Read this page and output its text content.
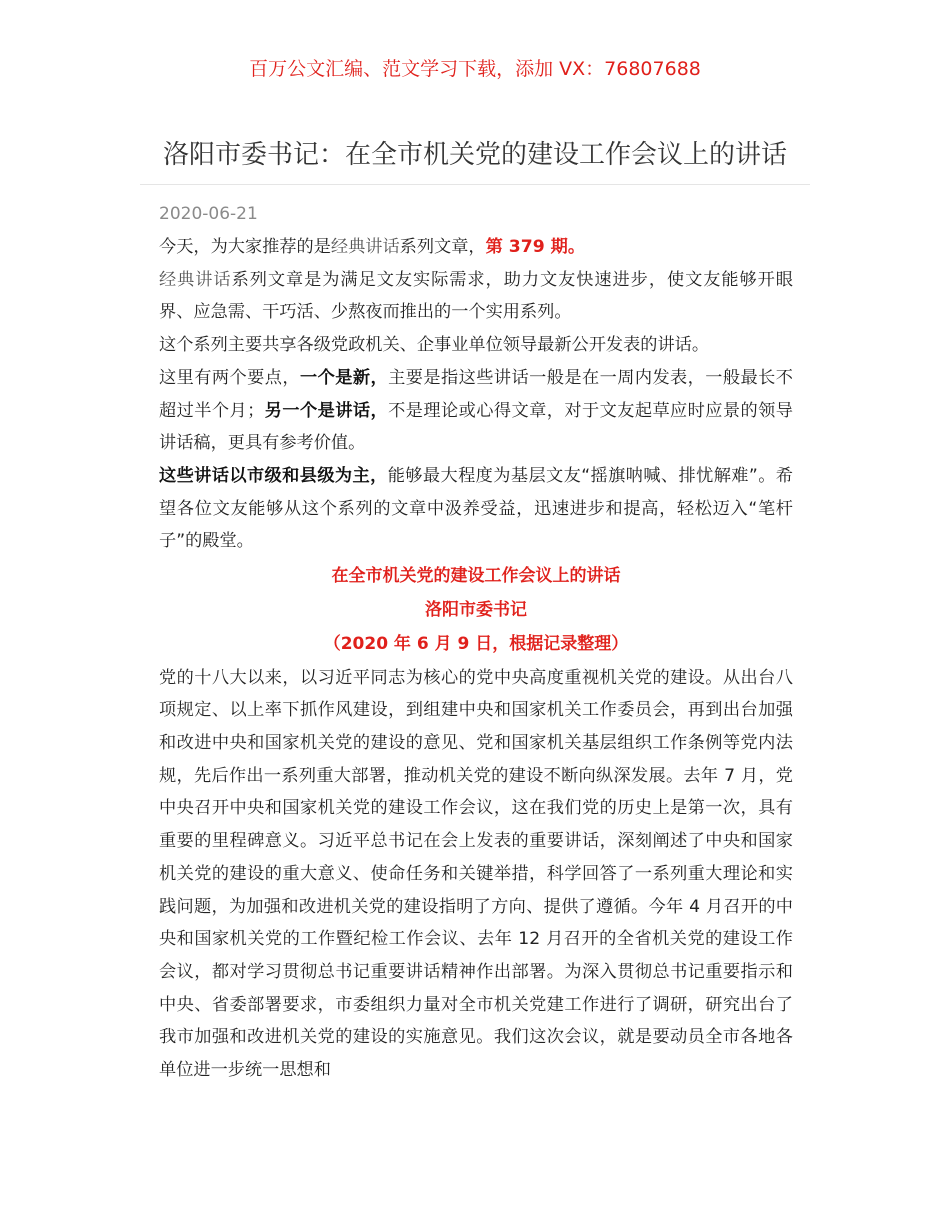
百万公文汇编、范文学习下载，添加 VX：76807688
洛阳市委书记：在全市机关党的建设工作会议上的讲话

2020-06-21

今天，为大家推荐的是经典讲话系列文章，第 379 期。

经典讲话系列文章是为满足文友实际需求，助力文友快速进步，使文友能够开眼界、应急需、干巧活、少熬夜而推出的一个实用系列。

这个系列主要共享各级党政机关、企事业单位领导最新公开发表的讲话。

这里有两个要点，一个是新，主要是指这些讲话一般是在一周内发表，一般最长不超过半个月；另一个是讲话，不是理论或心得文章，对于文友起草应时应景的领导讲话稿，更具有参考价值。

这些讲话以市级和县级为主，能够最大程度为基层文友“摇旗呐喊、排忧解难”。希望各位文友能够从这个系列的文章中汲养受益，迅速进步和提高，轻松迈入“笔杆子”的殿堂。

在全市机关党的建设工作会议上的讲话

洛阳市委书记

（2020 年 6 月 9 日，根据记录整理）

党的十八大以来，以习近平同志为核心的党中央高度重视机关党的建设。从出台八项规定、以上率下抓作风建设，到组建中央和国家机关工作委员会，再到出台加强和改进中央和国家机关党的建设的意见、党和国家机关基层组织工作条例等党内法规，先后作出一系列重大部署，推动机关党的建设不断向纵深发展。去年 7 月，党中央召开中央和国家机关党的建设工作会议，这在我们党的历史上是第一次，具有重要的里程碑意义。习近平总书记在会上发表的重要讲话，深刻阐述了中央和国家机关党的建设的重大意义、使命任务和关键举措，科学回答了一系列重大理论和实践问题，为加强和改进机关党的建设指明了方向、提供了遵循。今年 4 月召开的中央和国家机关党的工作暨纪检工作会议、去年 12 月召开的全省机关党的建设工作会议，都对学习贯彻总书记重要讲话精神作出部署。为深入贯彻总书记重要指示和中央、省委部署要求，市委组织力量对全市机关党建工作进行了调研，研究出台了我市加强和改进机关党的建设的实施意见。我们这次会议，就是要动员全市各地各单位进一步统一思想和
